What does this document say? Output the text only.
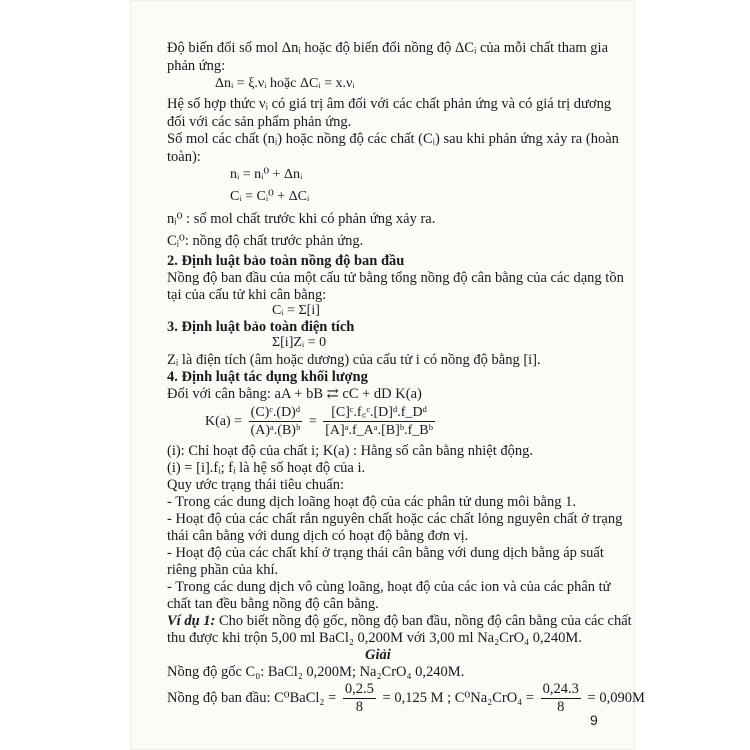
Độ biến đổi số mol Δnᵢ hoặc độ biến đổi nồng độ ΔCᵢ của mỗi chất tham gia
phản ứng:
Δnᵢ = ξ.νᵢ hoặc ΔCᵢ = x.νᵢ
Hệ số hợp thức νᵢ có giá trị âm đối với các chất phản ứng và có giá trị dương
đối với các sản phẩm phản ứng.
Số mol các chất (nᵢ) hoặc nồng độ các chất (Cᵢ) sau khi phản ứng xảy ra (hoàn
toàn):
nᵢ = nᵢ⁰ + Δnᵢ
Cᵢ = Cᵢ⁰ + ΔCᵢ
nᵢ⁰ : số mol chất trước khi có phản ứng xảy ra.
Cᵢ⁰: nồng độ chất trước phản ứng.
2. Định luật bảo toàn nồng độ ban đầu
Nồng độ ban đầu của một cấu tử bằng tổng nồng độ cân bằng của các dạng tồn
tại của cấu tử khi cân bằng:
Cᵢ = Σ[i]
3. Định luật bảo toàn điện tích
Σ[i]Zᵢ = 0
Zᵢ là điện tích (âm hoặc dương) của cấu tử i có nồng độ bằng [i].
4. Định luật tác dụng khối lượng
Đối với cân bằng: aA + bB ⇄ cC + dD K(a)
$K(a) = \frac{\text{(C)ᶜ.(D)ᵈ}}{\text{(A)ᵃ.(B)ᵇ}} = \frac{\text{[C]ᶜ.f꜀ᶜ.[D]ᵈ.f\_Dᵈ}}{\text{[A]ᵃ.f\_Aᵃ.[B]ᵇ.f\_Bᵇ}}$
(i): Chỉ hoạt độ của chất i; K(a) : Hằng số cân bằng nhiệt động.
(i) = [i].fᵢ; fᵢ là hệ số hoạt độ của i.
Quy ước trạng thái tiêu chuẩn:
- Trong các dung dịch loãng hoạt độ của các phân tử dung môi bằng 1.
- Hoạt độ của các chất rắn nguyên chất hoặc các chất lỏng nguyên chất ở trạng
thái cân bằng với dung dịch có hoạt độ bằng đơn vị.
- Hoạt độ của các chất khí ở trạng thái cân bằng với dung dịch bằng áp suất
riêng phần của khí.
- Trong các dung dịch vô cùng loãng, hoạt độ của các ion và của các phân tử
chất tan đều bằng nồng độ cân bằng.
Ví dụ 1: Cho biết nồng độ gốc, nồng độ ban đầu, nồng độ cân bằng của các chất
thu được khi trộn 5,00 ml BaCl₂ 0,200M với 3,00 ml Na₂CrO₄ 0,240M.
Giải
Nồng độ gốc C₀: BaCl₂ 0,200M; Na₂CrO₄ 0,240M.
Nồng độ ban đầu: C⁰BaCl₂ = $\frac{0,2.5}{8} = 0,125$ M ; $C^0Na_2CrO_4 = \frac{0,24.3}{8} = 0,090M$
9
